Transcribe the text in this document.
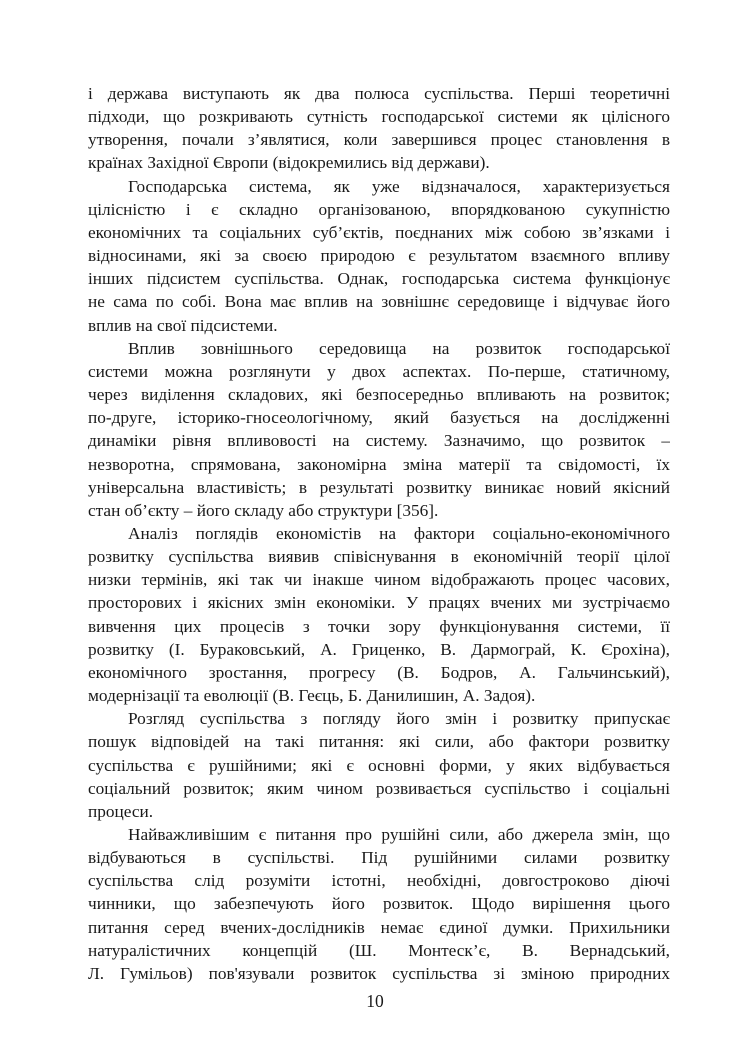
і держава виступають як два полюса суспільства. Перші теоретичні
підходи, що розкривають сутність господарської системи як цілісного
утворення, почали з’являтися, коли завершився процес становлення в
країнах Західної Європи (відокремились від держави).

Господарська система, як уже відзначалося, характеризується
цілісністю і є складно організованою, впорядкованою сукупністю
економічних та соціальних суб’єктів, поєднаних між собою зв’язками і
відносинами, які за своєю природою є результатом взаємного впливу
інших підсистем суспільства. Однак, господарська система функціонує
не сама по собі. Вона має вплив на зовнішнє середовище і відчуває його
вплив на свої підсистеми.

Вплив зовнішнього середовища на розвиток господарської
системи можна розглянути у двох аспектах. По-перше, статичному,
через виділення складових, які безпосередньо впливають на розвиток;
по-друге, історико-гносеологічному, який базується на дослідженні
динаміки рівня впливовості на систему. Зазначимо, що розвиток –
незворотна, спрямована, закономірна зміна матерії та свідомості, їх
універсальна властивість; в результаті розвитку виникає новий якісний
стан об’єкту – його складу або структури [356].

Аналіз поглядів економістів на фактори соціально-економічного
розвитку суспільства виявив співіснування в економічній теорії цілої
низки термінів, які так чи інакше чином відображають процес часових,
просторових і якісних змін економіки. У працях вчених ми зустрічаємо
вивчення цих процесів з точки зору функціонування системи, її
розвитку (І. Бураковський, А. Гриценко, В. Дармограй, К. Єрохіна),
економічного зростання, прогресу (В. Бодров, А. Гальчинський),
модернізації та еволюції (В. Геєць, Б. Данилишин, А. Задоя).

Розгляд суспільства з погляду його змін і розвитку припускає
пошук відповідей на такі питання: які сили, або фактори розвитку
суспільства є рушійними; які є основні форми, у яких відбувається
соціальний розвиток; яким чином розвивається суспільство і соціальні
процеси.

Найважливішим є питання про рушійні сили, або джерела змін, що
відбуваються в суспільстві. Під рушійними силами розвитку
суспільства слід розуміти істотні, необхідні, довгостроково діючі
чинники, що забезпечують його розвиток. Щодо вирішення цього
питання серед вчених-дослідників немає єдиної думки. Прихильники
натуралістичних концепцій (Ш. Монтеск’є, В. Вернадський,
Л. Гумільов) пов'язували розвиток суспільства зі зміною природних

10
